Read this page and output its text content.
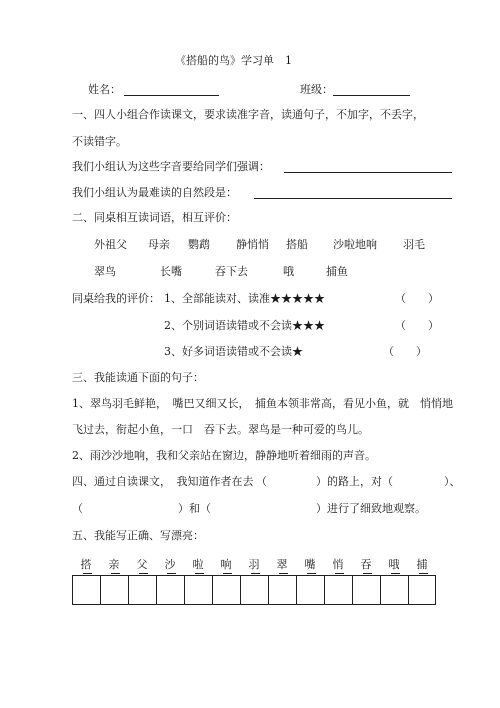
《搭船的鸟》学习单　1
姓名：	班级：
一、四人小组合作读课文，要求读准字音，读通句子，不加字，不丢字，
不读错字。
我们小组认为这些字音要给同学们强调：
我们小组认为最难读的自然段是：
二、同桌相互读词语，相互评价：
外祖父 母亲 鹦鹉 静悄悄 搭船 沙啦地响 羽毛
翠鸟	长嘴	吞下去	哦	捕鱼
同桌给我的评价： 1、全部能读对、读准★★★★★	（　　）
2、个别词语读错或不会读★★★	（　　）
3、好多词语读错或不会读★	（　　）
三、我能读通下面的句子：
1、翠鸟羽毛鲜艳，　嘴巴又细又长，　捕鱼本领非常高，看见小鱼，就　悄悄地
飞过去，衔起小鱼，一口　吞下去。翠鸟是一种可爱的鸟儿。
2、雨沙沙地响，我和父亲站在窗边，静静地听着细雨的声音。
四、通过自读课文，　我知道作者在去 （	）的路上，对（	）、
（	）和（	）进行了细致地观察。
五、我能写正确、写漂亮：
搭	亲	父	沙	啦	响	羽	翠	嘴	悄	吞	哦	捕
